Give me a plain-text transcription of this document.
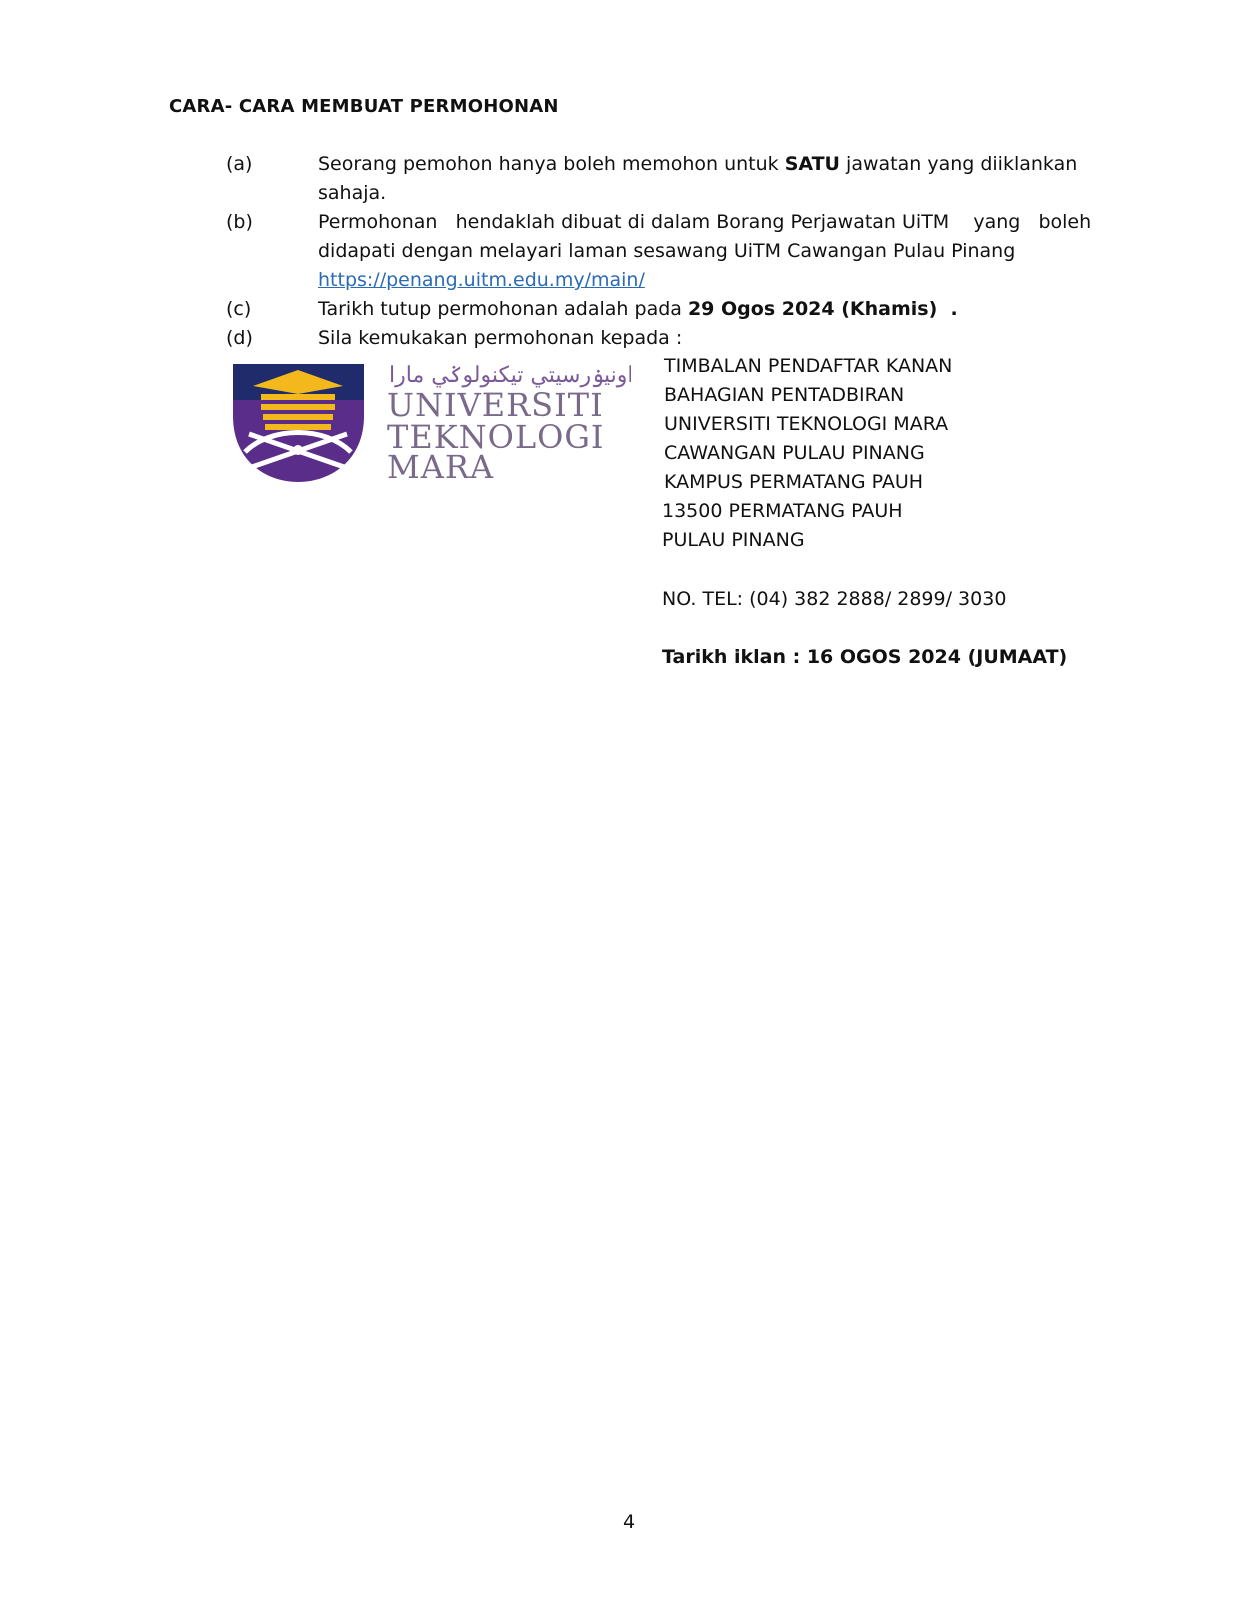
CARA- CARA MEMBUAT PERMOHONAN
(a)	Seorang pemohon hanya boleh memohon untuk SATU jawatan yang diiklankan sahaja.
(b)	Permohonan   hendaklah dibuat di dalam Borang Perjawatan UiTM    yang   boleh
didapati dengan melayari laman sesawang UiTM Cawangan Pulau Pinang
https://penang.uitm.edu.my/main/
(c)	Tarikh tutup permohonan adalah pada 29 Ogos 2024 (Khamis)  .
(d)	Sila kemukakan permohonan kepada :
اونيۏرسيتي تيكنولوݢي مارا
UNIVERSITI
TEKNOLOGI
MARA
TIMBALAN PENDAFTAR KANAN
BAHAGIAN PENTADBIRAN
UNIVERSITI TEKNOLOGI MARA
CAWANGAN PULAU PINANG
KAMPUS PERMATANG PAUH
13500 PERMATANG PAUH
PULAU PINANG
NO. TEL: (04) 382 2888/ 2899/ 3030
Tarikh iklan : 16 OGOS 2024 (JUMAAT)
4
